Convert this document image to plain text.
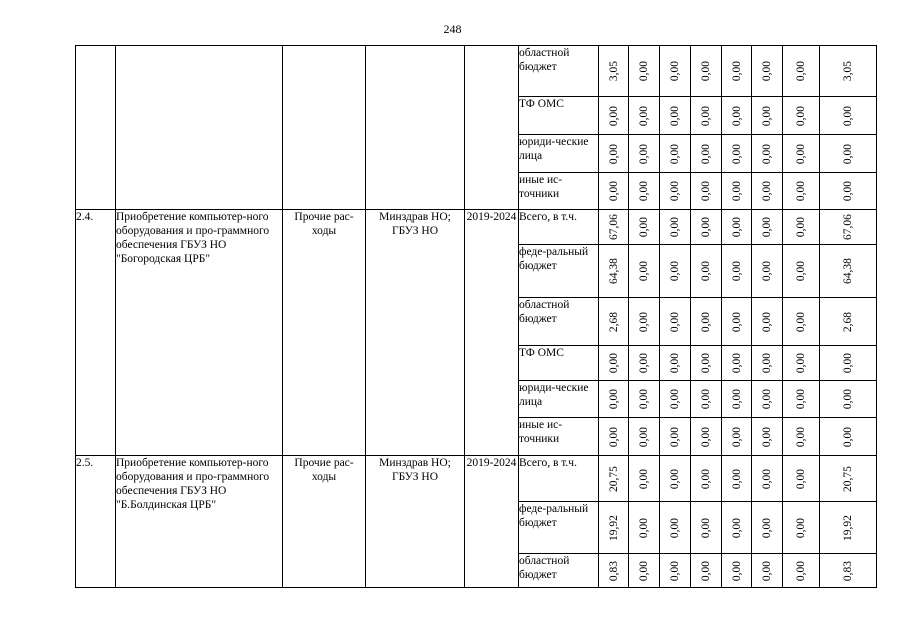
248
					областной бюджет	3,05	0,00	0,00	0,00	0,00	0,00	0,00	3,05

					ТФ ОМС	0,00	0,00	0,00	0,00	0,00	0,00	0,00	0,00

					юриди-ческие лица	0,00	0,00	0,00	0,00	0,00	0,00	0,00	0,00

					иные ис-точники	0,00	0,00	0,00	0,00	0,00	0,00	0,00	0,00

2.4.	Приобретение компьютер-ного оборудования и про-граммного обеспечения ГБУЗ НО "Богородская ЦРБ"	Прочие рас-ходы	Минздрав НО; ГБУЗ НО	2019-2024	Всего, в т.ч.	67,06	0,00	0,00	0,00	0,00	0,00	0,00	67,06

					феде-ральный бюджет	64,38	0,00	0,00	0,00	0,00	0,00	0,00	64,38

					областной бюджет	2,68	0,00	0,00	0,00	0,00	0,00	0,00	2,68

					ТФ ОМС	0,00	0,00	0,00	0,00	0,00	0,00	0,00	0,00

					юриди-ческие лица	0,00	0,00	0,00	0,00	0,00	0,00	0,00	0,00

					иные ис-точники	0,00	0,00	0,00	0,00	0,00	0,00	0,00	0,00

2.5.	Приобретение компьютер-ного оборудования и про-граммного обеспечения ГБУЗ НО "Б.Болдинская ЦРБ"	Прочие рас-ходы	Минздрав НО; ГБУЗ НО	2019-2024	Всего, в т.ч.	20,75	0,00	0,00	0,00	0,00	0,00	0,00	20,75

					феде-ральный бюджет	19,92	0,00	0,00	0,00	0,00	0,00	0,00	19,92

					областной бюджет	0,83	0,00	0,00	0,00	0,00	0,00	0,00	0,83
